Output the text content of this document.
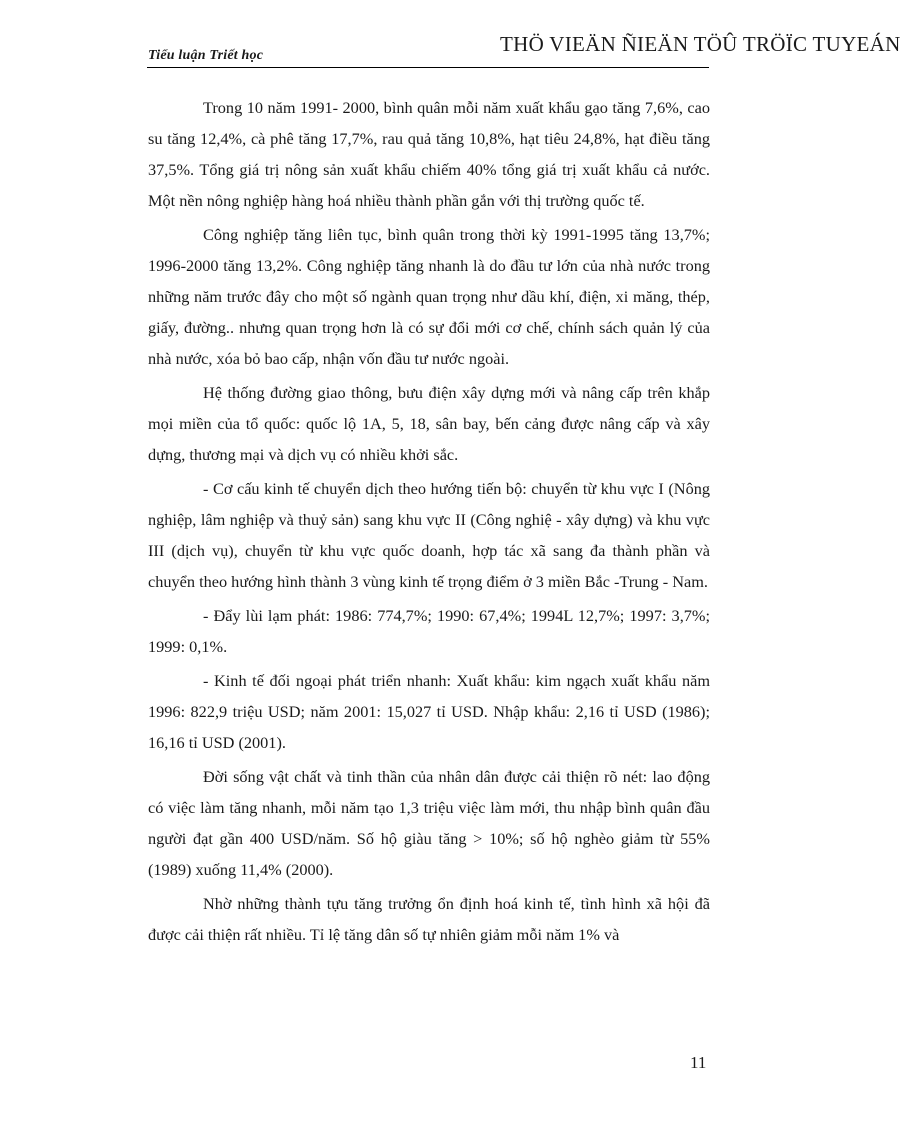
Tiểu luận Triết học	THÖ VIEÄN ÑIEÄN TÖÛ TRÖÏC TUYEÁN

Trong 10 năm 1991- 2000, bình quân mỗi năm xuất khẩu gạo tăng 7,6%, cao su tăng 12,4%, cà phê tăng 17,7%, rau quả tăng 10,8%, hạt tiêu 24,8%, hạt điều tăng 37,5%. Tổng giá trị nông sản xuất khẩu chiếm 40% tổng giá trị xuất khẩu cả nước. Một nền nông nghiệp hàng hoá nhiều thành phần gắn với thị trường quốc tế.

Công nghiệp tăng liên tục, bình quân trong thời kỳ 1991-1995 tăng 13,7%; 1996-2000 tăng 13,2%. Công nghiệp tăng nhanh là do đầu tư lớn của nhà nước trong những năm trước đây cho một số ngành quan trọng như dầu khí, điện, xi măng, thép, giấy, đường.. nhưng quan trọng hơn là có sự đổi mới cơ chế, chính sách quản lý của nhà nước, xóa bỏ bao cấp, nhận vốn đầu tư nước ngoài.

Hệ thống đường giao thông, bưu điện xây dựng mới và nâng cấp trên khắp mọi miền của tổ quốc: quốc lộ 1A, 5, 18, sân bay, bến cảng được nâng cấp và xây dựng, thương mại và dịch vụ có nhiều khởi sắc.

- Cơ cấu kinh tế chuyển dịch theo hướng tiến bộ: chuyển từ khu vực I (Nông nghiệp, lâm nghiệp và thuỷ sản) sang khu vực II (Công nghiệ - xây dựng) và khu vực III (dịch vụ), chuyển từ khu vực quốc doanh, hợp tác xã sang đa thành phần và chuyển theo hướng hình thành 3 vùng kinh tế trọng điểm ở 3 miền Bắc -Trung - Nam.

- Đẩy lùi lạm phát: 1986: 774,7%; 1990: 67,4%; 1994L 12,7%; 1997: 3,7%; 1999: 0,1%.

- Kinh tế đối ngoại phát triển nhanh: Xuất khẩu: kim ngạch xuất khẩu năm 1996: 822,9 triệu USD; năm 2001: 15,027 tỉ USD. Nhập khẩu: 2,16 tỉ USD (1986); 16,16 tỉ USD (2001).

Đời sống vật chất và tinh thần của nhân dân được cải thiện rõ nét: lao động có việc làm tăng nhanh, mỗi năm tạo 1,3 triệu việc làm mới, thu nhập bình quân đầu người đạt gần 400 USD/năm. Số hộ giàu tăng > 10%; số hộ nghèo giảm từ 55% (1989) xuống 11,4% (2000).

Nhờ những thành tựu tăng trưởng ổn định hoá kinh tế, tình hình xã hội đã được cải thiện rất nhiều. Tỉ lệ tăng dân số tự nhiên giảm mỗi năm 1% và

11
